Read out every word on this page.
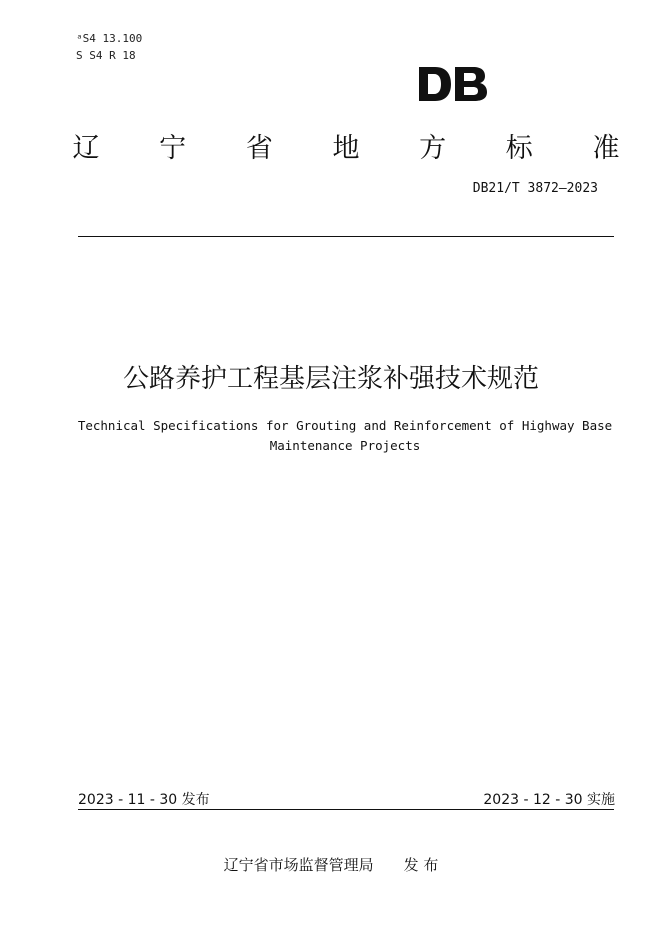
ᵃS4 13.100
S S4 R 18
辽 宁 省 地 方 标 准
DB21/T 3872—2023
公路养护工程基层注浆补强技术规范
Technical Specifications for Grouting and Reinforcement of Highway Base
Maintenance Projects
2023 - 11 - 30 发布	2023 - 12 - 30 实施
辽宁省市场监督管理局 发 布
